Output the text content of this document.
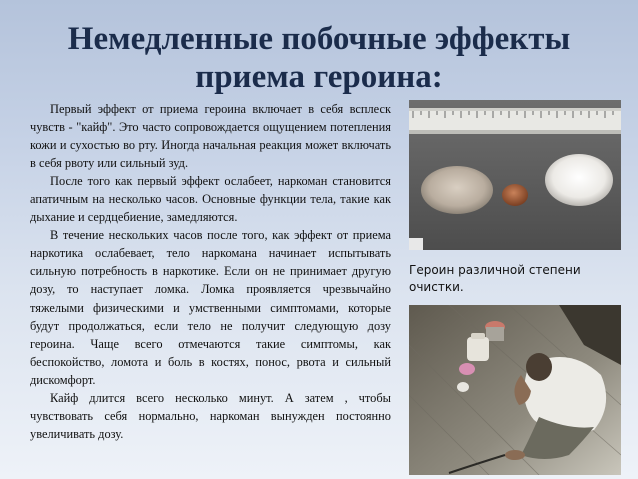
Немедленные побочные эффекты
приема героина:

Первый эффект от приема героина включает в себя всплеск чувств - "кайф". Это часто сопровождается ощущением потепления кожи и сухостью во рту. Иногда начальная реакция может включать в себя рвоту или сильный зуд.

После того как первый эффект ослабеет, наркоман становится апатичным на несколько часов. Основные функции тела, такие как дыхание и сердцебиение, замедляются.

В течение нескольких часов после того, как эффект от приема наркотика ослабевает, тело наркомана начинает испытывать сильную потребность в наркотике. Если он не принимает другую дозу, то наступает ломка. Ломка проявляется чрезвычайно тяжелыми физическими и умственными симптомами, которые будут продолжаться, если тело не получит следующую дозу героина. Чаще всего отмечаются такие симптомы, как беспокойство, ломота и боль в костях, понос, рвота и сильный дискомфорт.

Кайф длится всего несколько минут. А затем , чтобы чувствовать себя нормально, наркоман вынужден постоянно увеличивать дозу.

Героин различной степени очистки.
